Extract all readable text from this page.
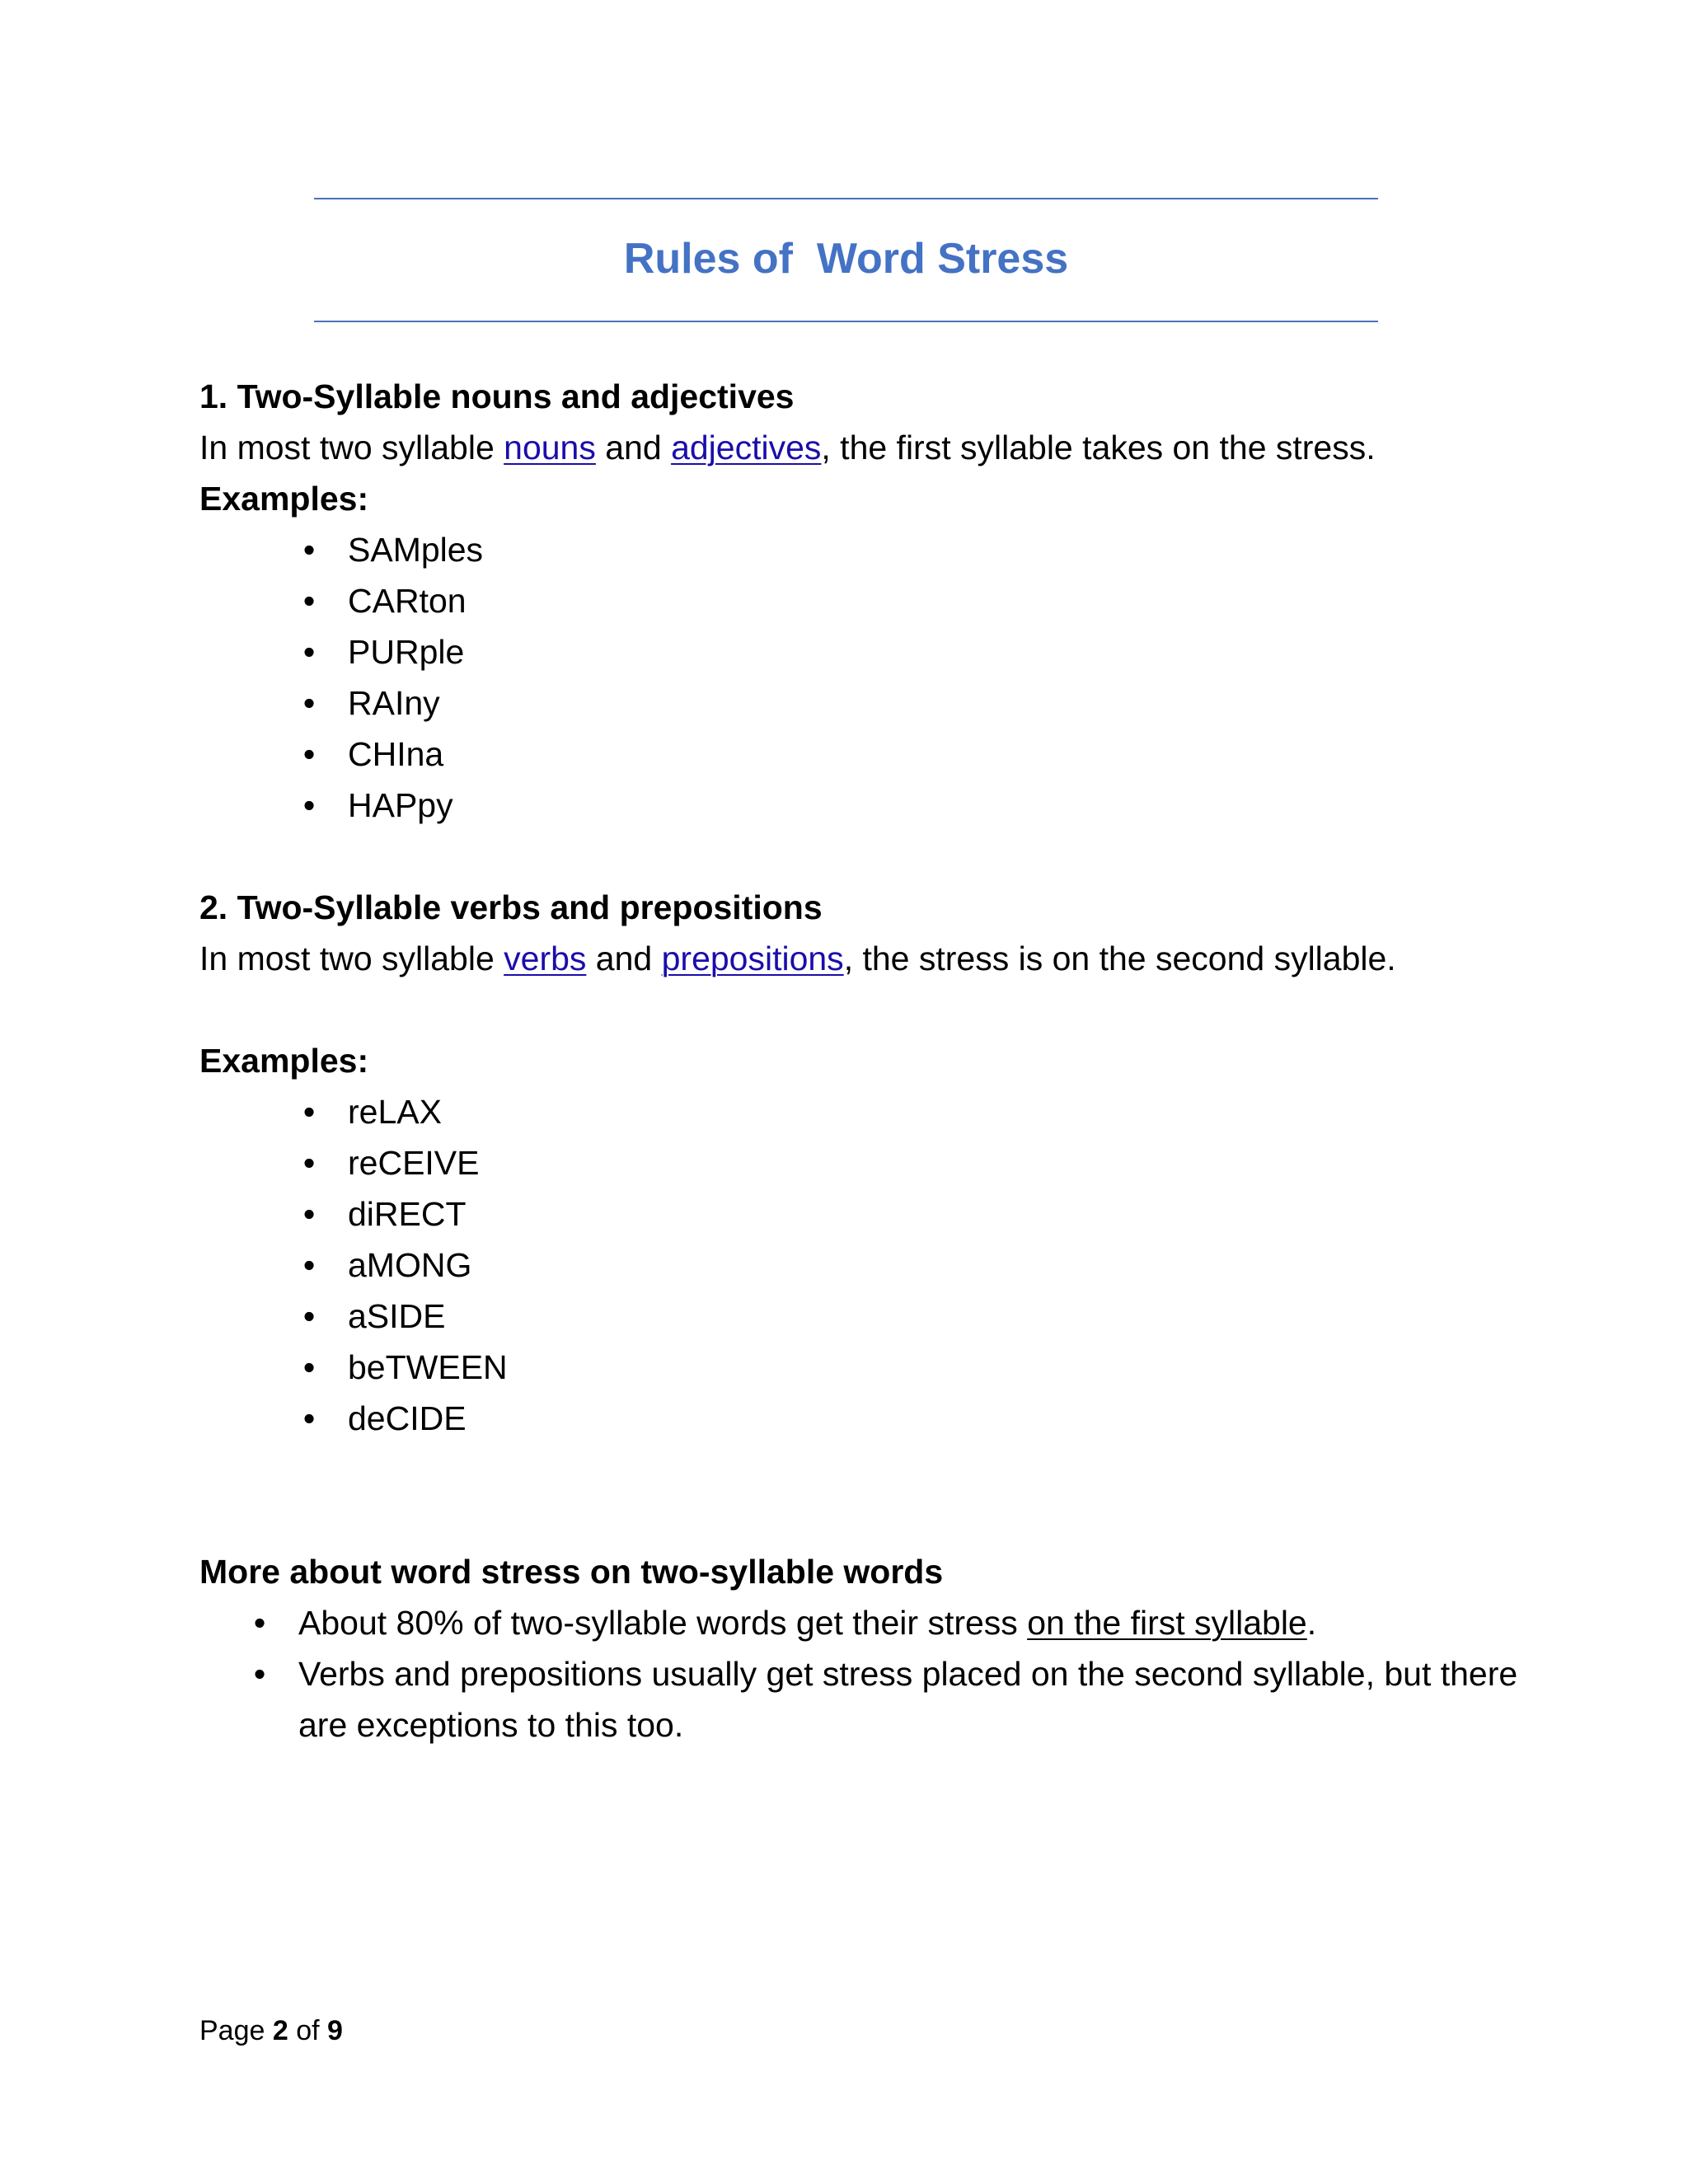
Rules of  Word Stress

1. Two-Syllable nouns and adjectives

In most two syllable nouns and adjectives, the first syllable takes on the stress.

Examples:

• SAMples
• CARton
• PURple
• RAIny
• CHIna
• HAPpy

2. Two-Syllable verbs and prepositions

In most two syllable verbs and prepositions, the stress is on the second syllable.

Examples:

• reLAX
• reCEIVE
• diRECT
• aMONG
• aSIDE
• beTWEEN
• deCIDE

More about word stress on two-syllable words

• About 80% of two-syllable words get their stress on the first syllable.
• Verbs and prepositions usually get stress placed on the second syllable, but there are exceptions to this too.
Page 2 of 9
